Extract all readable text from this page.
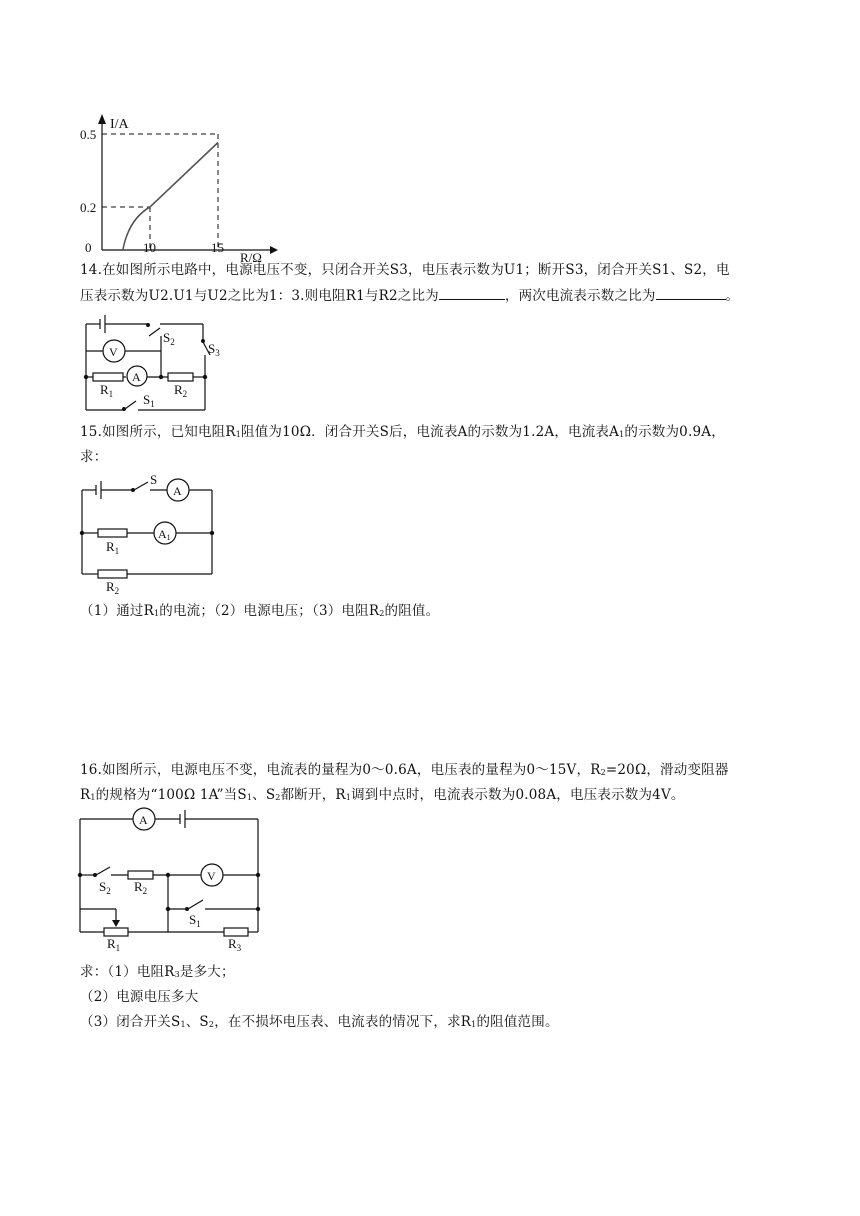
I/A
R/Ω
0
0.5
0.2
10	15
14.在如图所示电路中，电源电压不变，只闭合开关S3，电压表示数为U1；断开S3，闭合开关S1、S2，电
压表示数为U2.U1与U2之比为1：3.则电阻R1与R2之比为	，两次电流表示数之比为	。
$S_2$	$S_3$
V
A
$R_1$	$R_2$
$S_1$
15.如图所示，已知电阻$R_1$阻值为10Ω．闭合开关S后，电流表A的示数为1.2A，电流表$A_1$的示数为0.9A，
求：
S
A
A1
$R_1$
$R_2$
（1）通过$R_1$的电流；（2）电源电压；（3）电阻$R_2$的阻值。
16.如图所示，电源电压不变，电流表的量程为0～0.6A，电压表的量程为0～15V，$R_2=20\Omega$，滑动变阻器
$R_1$的规格为“100Ω 1A”当$S_1$、$S_2$都断开，$R_1$调到中点时，电流表示数为0.08A，电压表示数为4V。
A
V
$S_2$ $R_2$
$S_1$
$R_1$	$R_3$
求：（1）电阻$R_3$是多大；
（2）电源电压多大
（3）闭合开关$S_1$、$S_2$，在不损坏电压表、电流表的情况下，求$R_1$的阻值范围。
